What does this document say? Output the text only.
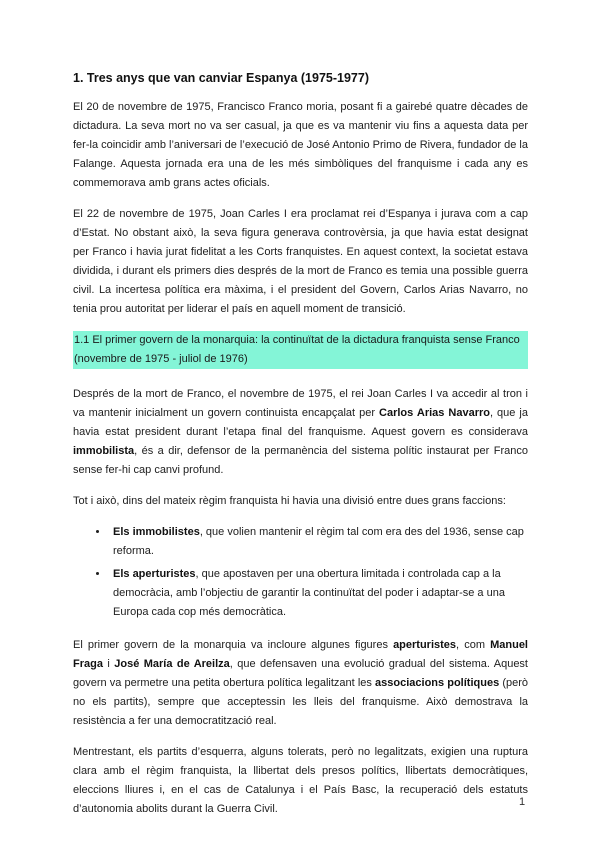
1. Tres anys que van canviar Espanya (1975-1977)

El 20 de novembre de 1975, Francisco Franco moria, posant fi a gairebé quatre dècades de dictadura. La seva mort no va ser casual, ja que es va mantenir viu fins a aquesta data per fer-la coincidir amb l’aniversari de l’execució de José Antonio Primo de Rivera, fundador de la Falange. Aquesta jornada era una de les més simbòliques del franquisme i cada any es commemorava amb grans actes oficials.

El 22 de novembre de 1975, Joan Carles I era proclamat rei d’Espanya i jurava com a cap d’Estat. No obstant això, la seva figura generava controvèrsia, ja que havia estat designat per Franco i havia jurat fidelitat a les Corts franquistes. En aquest context, la societat estava dividida, i durant els primers dies després de la mort de Franco es temia una possible guerra civil. La incertesa política era màxima, i el president del Govern, Carlos Arias Navarro, no tenia prou autoritat per liderar el país en aquell moment de transició.

1.1 El primer govern de la monarquia: la continuïtat de la dictadura franquista sense Franco (novembre de 1975 - juliol de 1976)

Després de la mort de Franco, el novembre de 1975, el rei Joan Carles I va accedir al tron i va mantenir inicialment un govern continuista encapçalat per Carlos Arias Navarro, que ja havia estat president durant l’etapa final del franquisme. Aquest govern es considerava immobilista, és a dir, defensor de la permanència del sistema polític instaurat per Franco sense fer-hi cap canvi profund.

Tot i això, dins del mateix règim franquista hi havia una divisió entre dues grans faccions:

• Els immobilistes, que volien mantenir el règim tal com era des del 1936, sense cap reforma.
• Els aperturistes, que apostaven per una obertura limitada i controlada cap a la democràcia, amb l’objectiu de garantir la continuïtat del poder i adaptar-se a una Europa cada cop més democràtica.

El primer govern de la monarquia va incloure algunes figures aperturistes, com Manuel Fraga i José María de Areilza, que defensaven una evolució gradual del sistema. Aquest govern va permetre una petita obertura política legalitzant les associacions polítiques (però no els partits), sempre que acceptessin les lleis del franquisme. Això demostrava la resistència a fer una democratització real.

Mentrestant, els partits d’esquerra, alguns tolerats, però no legalitzats, exigien una ruptura clara amb el règim franquista, la llibertat dels presos polítics, llibertats democràtiques, eleccions lliures i, en el cas de Catalunya i el País Basc, la recuperació dels estatuts d’autonomia abolits durant la Guerra Civil.

1
